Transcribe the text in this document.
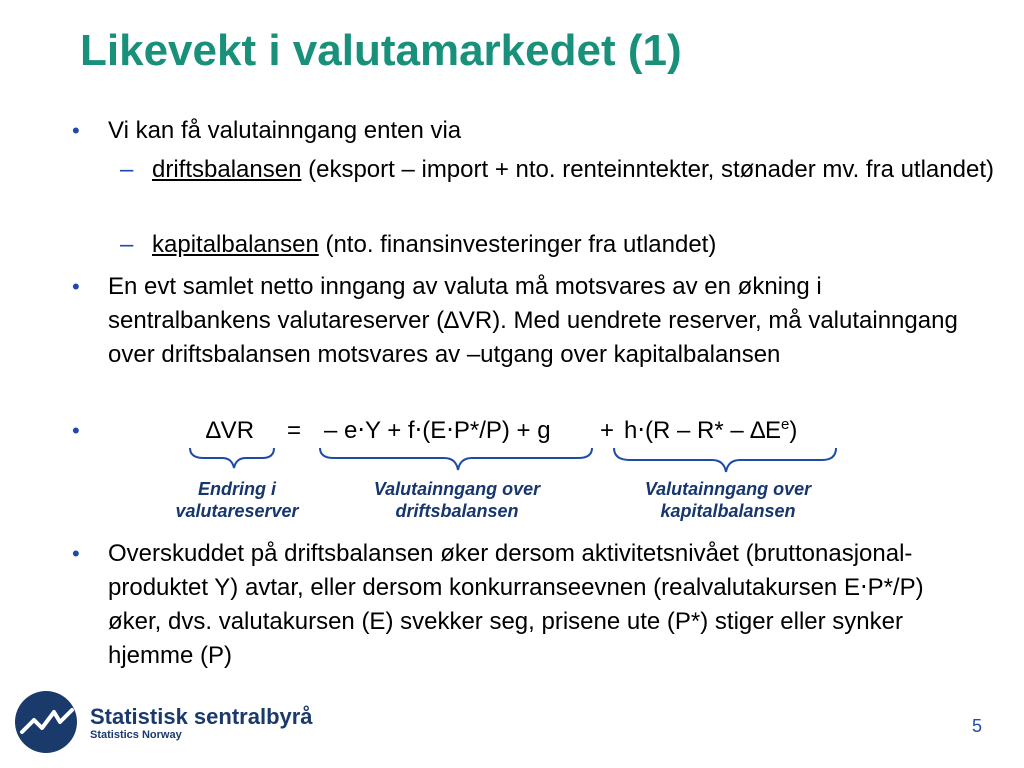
Likevekt i valutamarkedet (1)
• Vi kan få valutainngang enten via
– driftsbalansen (eksport – import + nto. renteinntekter, stønader mv. fra utlandet)
– kapitalbalansen (nto. finansinvesteringer fra utlandet)
• En evt samlet netto inngang av valuta må motsvares av en økning i sentralbankens valutareserver (∆VR). Med uendrete reserver, må valutainngang over driftsbalansen motsvares av –utgang over kapitalbalansen
•	∆VR = – $e\cdot Y + f\cdot(E\cdot P*/P) + g + h\cdot(R - R* - \Delta E^e)$
Endring i
valutareserver
Valutainngang over
driftsbalansen
Valutainngang over
kapitalbalansen
• Overskuddet på driftsbalansen øker dersom aktivitetsnivået (bruttonasjonal-produktet Y) avtar, eller dersom konkurranseevnen (realvalutakursen E⋅P*/P) øker, dvs. valutakursen (E) svekker seg, prisene ute (P*) stiger eller synker hjemme (P)
Statistisk sentralbyrå
Statistics Norway	5
